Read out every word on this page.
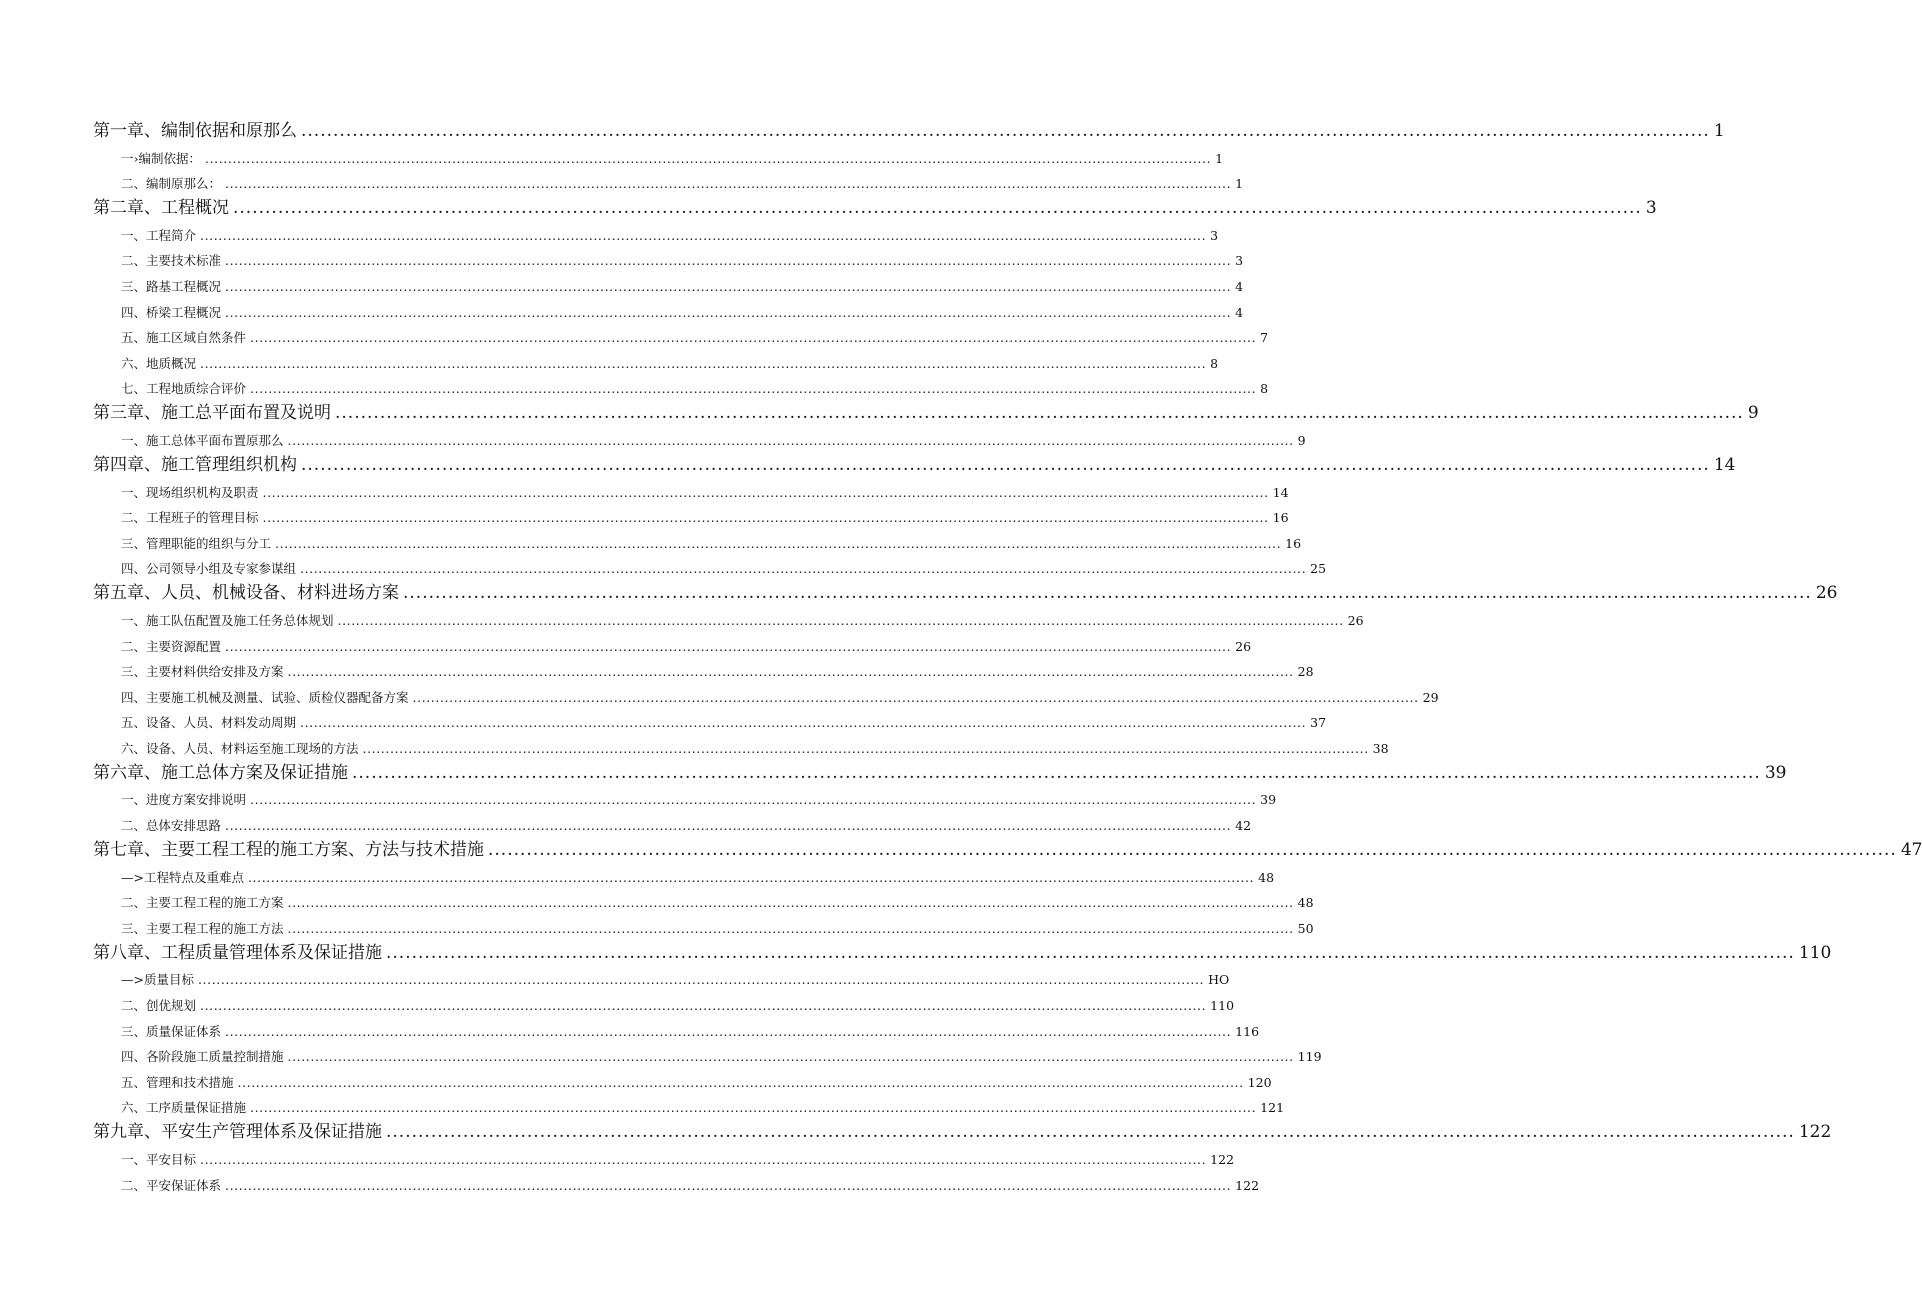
第一章、编制依据和原那么 ............................................................................................................................................................................................................................ 1
一›编制依据： ............................................................................................................................................................................................................................ 1
二、编制原那么： ............................................................................................................................................................................................................................ 1
第二章、工程概况 ............................................................................................................................................................................................................................ 3
一、工程简介 ............................................................................................................................................................................................................................ 3
二、主要技术标准 ............................................................................................................................................................................................................................ 3
三、路基工程概况 ............................................................................................................................................................................................................................ 4
四、桥梁工程概况 ............................................................................................................................................................................................................................ 4
五、施工区域自然条件 ............................................................................................................................................................................................................................ 7
六、地质概况 ............................................................................................................................................................................................................................ 8
七、工程地质综合评价 ............................................................................................................................................................................................................................ 8
第三章、施工总平面布置及说明 ............................................................................................................................................................................................................................ 9
一、施工总体平面布置原那么 ............................................................................................................................................................................................................................ 9
第四章、施工管理组织机构 ............................................................................................................................................................................................................................ 14
一、现场组织机构及职责 ............................................................................................................................................................................................................................ 14
二、工程班子的管理目标 ............................................................................................................................................................................................................................ 16
三、管理职能的组织与分工 ............................................................................................................................................................................................................................ 16
四、公司领导小组及专家参谋组 ............................................................................................................................................................................................................................ 25
第五章、人员、机械设备、材料进场方案 ............................................................................................................................................................................................................................ 26
一、施工队伍配置及施工任务总体规划 ............................................................................................................................................................................................................................ 26
二、主要资源配置 ............................................................................................................................................................................................................................ 26
三、主要材料供给安排及方案 ............................................................................................................................................................................................................................ 28
四、主要施工机械及测量、试验、质检仪器配备方案 ............................................................................................................................................................................................................................ 29
五、设备、人员、材料发动周期 ............................................................................................................................................................................................................................ 37
六、设备、人员、材料运至施工现场的方法 ............................................................................................................................................................................................................................ 38
第六章、施工总体方案及保证措施 ............................................................................................................................................................................................................................ 39
一、进度方案安排说明 ............................................................................................................................................................................................................................ 39
二、总体安排思路 ............................................................................................................................................................................................................................ 42
第七章、主要工程工程的施工方案、方法与技术措施 ............................................................................................................................................................................................................................ 47
—>工程特点及重难点 ............................................................................................................................................................................................................................ 48
二、主要工程工程的施工方案 ............................................................................................................................................................................................................................ 48
三、主要工程工程的施工方法 ............................................................................................................................................................................................................................ 50
第八章、工程质量管理体系及保证措施 ............................................................................................................................................................................................................................ 110
—>质量目标 ............................................................................................................................................................................................................................ HO
二、创优规划 ............................................................................................................................................................................................................................ 110
三、质量保证体系 ............................................................................................................................................................................................................................ 116
四、各阶段施工质量控制措施 ............................................................................................................................................................................................................................ 119
五、管理和技术措施 ............................................................................................................................................................................................................................ 120
六、工序质量保证措施 ............................................................................................................................................................................................................................ 121
第九章、平安生产管理体系及保证措施 ............................................................................................................................................................................................................................ 122
一、平安目标 ............................................................................................................................................................................................................................ 122
二、平安保证体系 ............................................................................................................................................................................................................................ 122
